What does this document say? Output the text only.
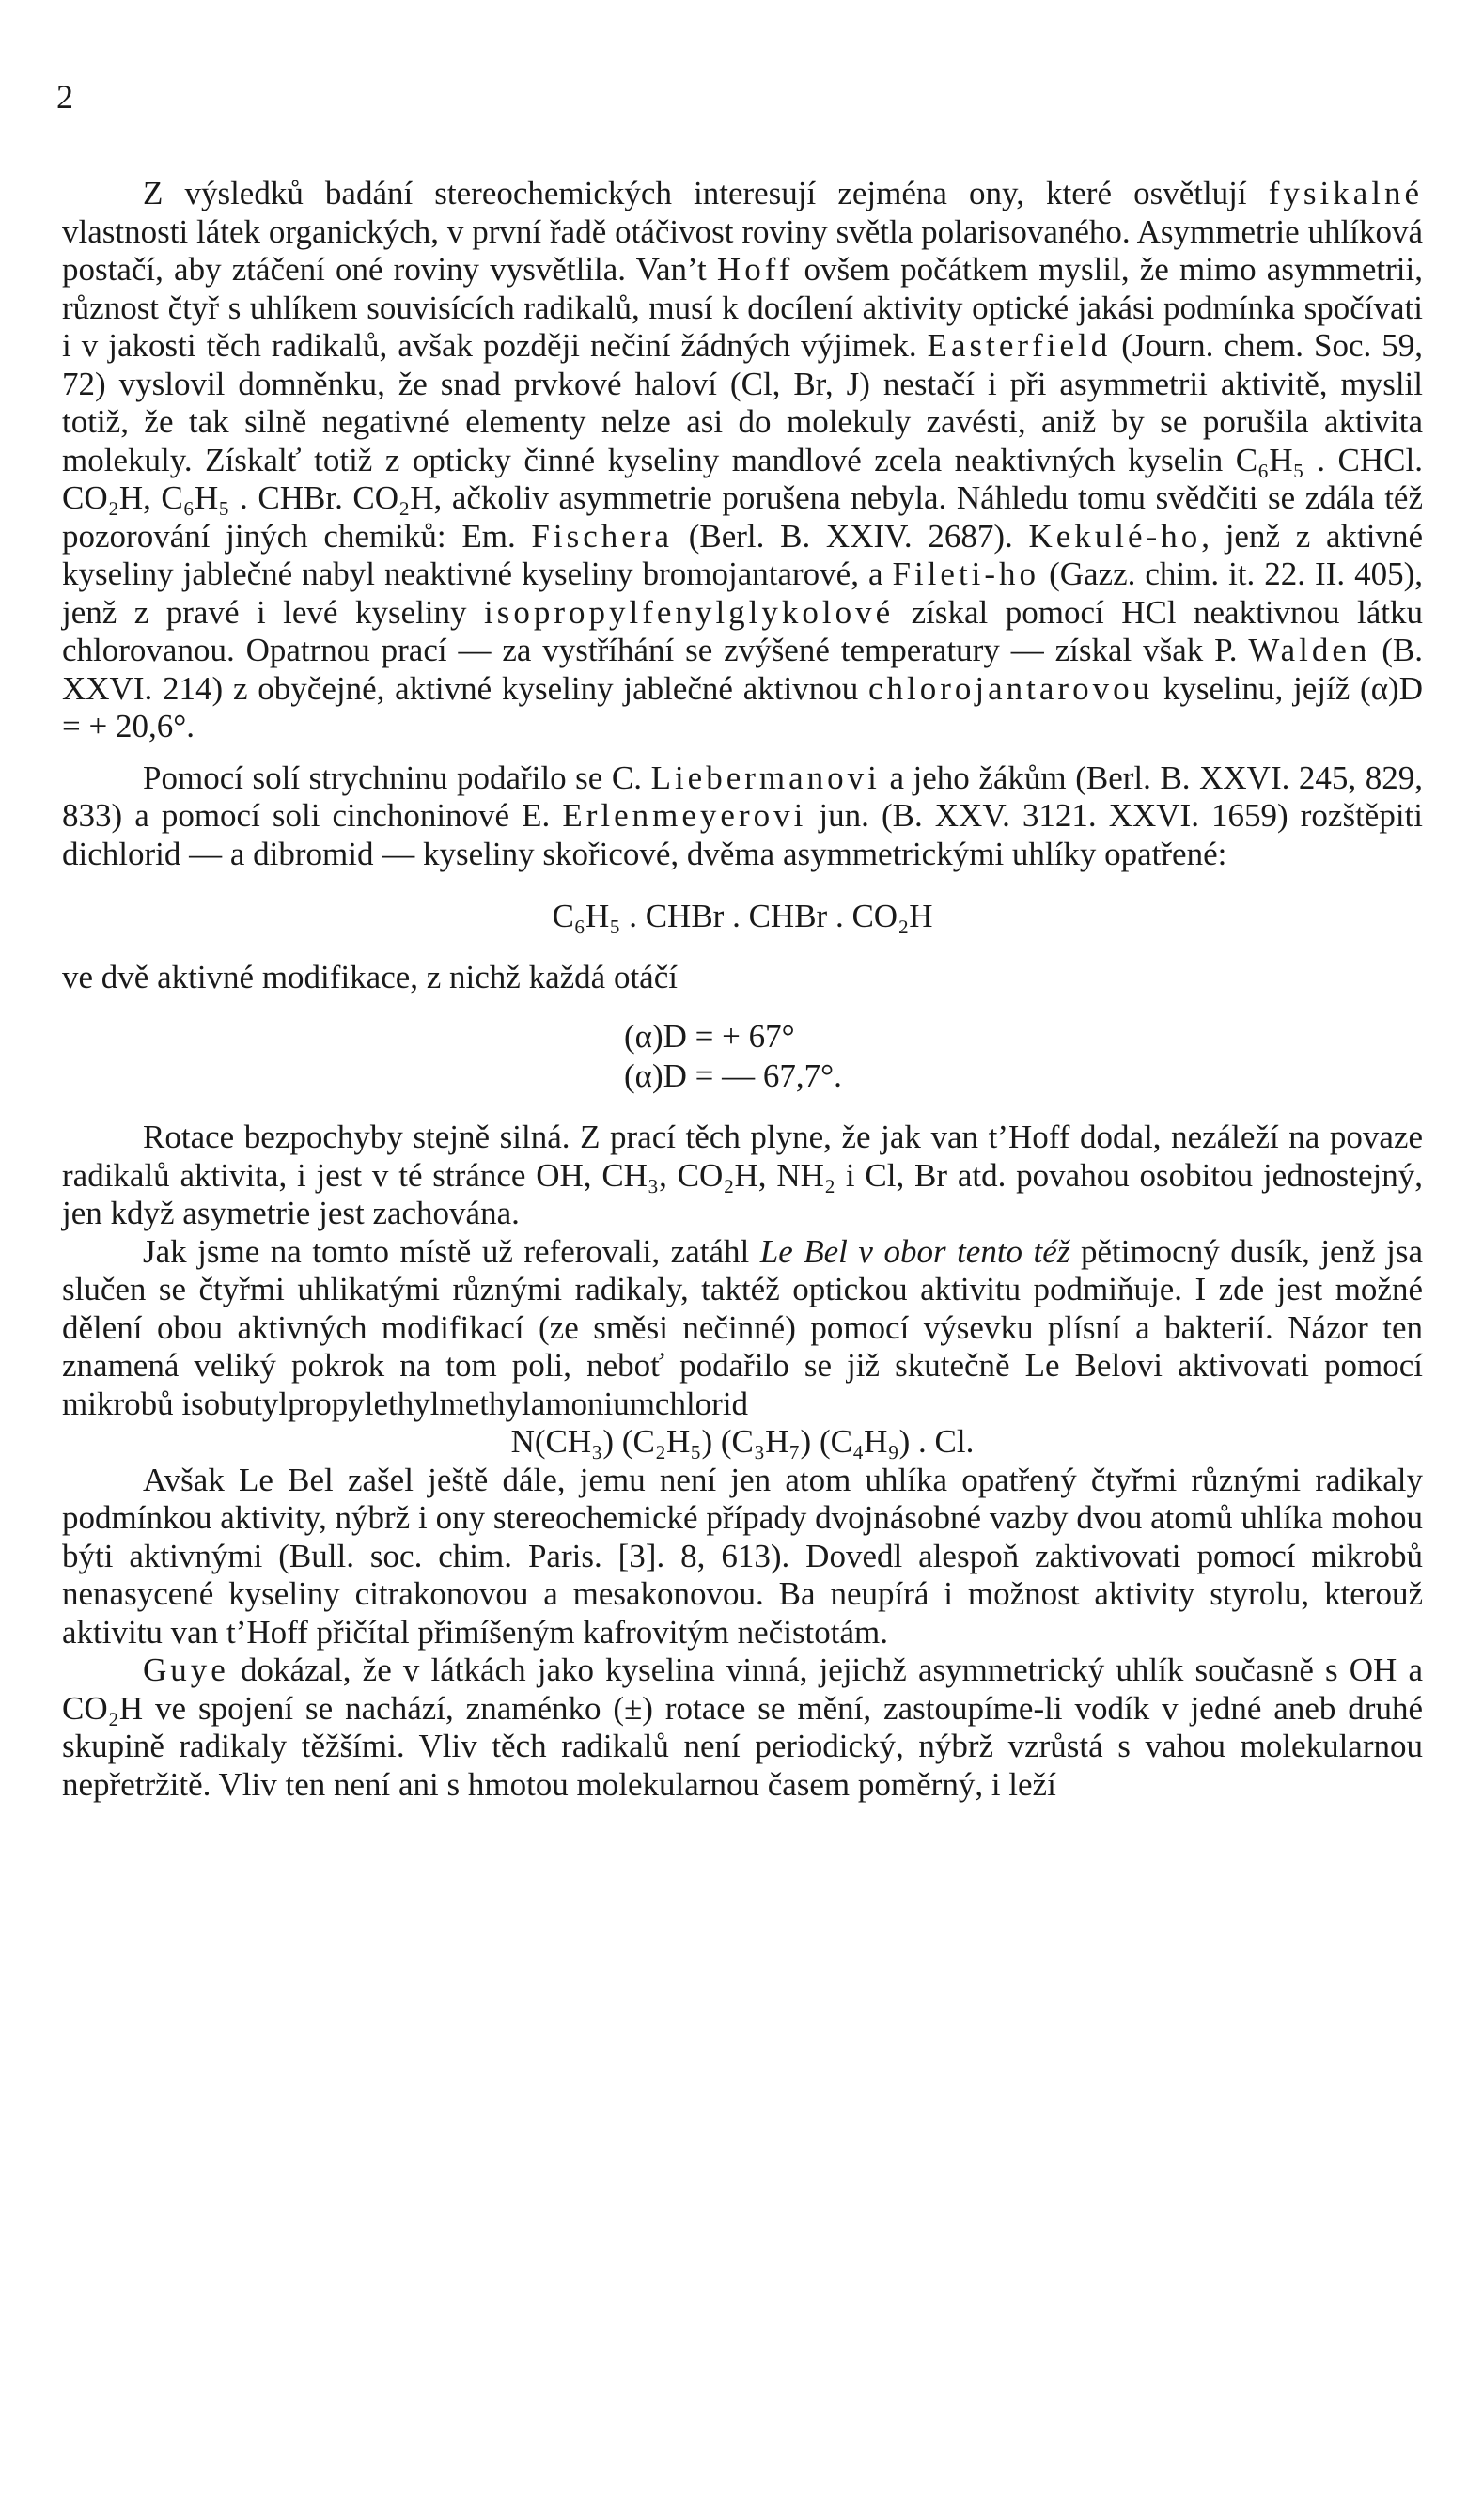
2

Z výsledků badání stereochemických interesují zejména ony, které osvětlují fysikalné vlastnosti látek organických, v první řadě otáčivost roviny světla polarisovaného. Asymmetrie uhlíková postačí, aby ztáčení oné roviny vysvětlila. Van’t Hoff ovšem počátkem myslil, že mimo asymmetrii, různost čtyř s uhlíkem souvisících radikalů, musí k docílení aktivity optické jakási podmínka spočívati i v jakosti těch radikalů, avšak později nečiní žádných výjimek. Easterfield (Journ. chem. Soc. 59, 72) vyslovil domněnku, že snad prvkové haloví (Cl, Br, J) nestačí i při asymmetrii aktivitě, myslil totiž, že tak silně negativné elementy nelze asi do molekuly zavésti, aniž by se porušila aktivita molekuly. Získalť totiž z opticky činné kyseliny mandlové zcela neaktivných kyselin C₆H₅ . CHCl. CO₂H, C₆H₅ . CHBr. CO₂H, ačkoliv asymmetrie porušena nebyla. Náhledu tomu svědčiti se zdála též pozorování jiných chemiků: Em. Fischera (Berl. B. XXIV. 2687). Kekulé-ho, jenž z aktivné kyseliny jablečné nabyl neaktivné kyseliny bromojantarové, a Fileti-ho (Gazz. chim. it. 22. II. 405), jenž z pravé i levé kyseliny isopropylfenylglykolové získal pomocí HCl neaktivnou látku chlorovanou. Opatrnou prací — za vystříhání se zvýšené temperatury — získal však P. Walden (B. XXVI. 214) z obyčejné, aktivné kyseliny jablečné aktivnou chlorojantarovou kyselinu, jejíž (α)D = + 20,6°.

Pomocí solí strychninu podařilo se C. Liebermanovi a jeho žákům (Berl. B. XXVI. 245, 829, 833) a pomocí soli cinchoninové E. Erlenmeyerovi jun. (B. XXV. 3121. XXVI. 1659) rozštěpiti dichlorid — a dibromid — kyseliny skořicové, dvěma asymmetrickými uhlíky opatřené:

C₆H₅ . CHBr . CHBr . CO₂H

ve dvě aktivné modifikace, z nichž každá otáčí

(α)D = + 67°
(α)D = — 67,7°.

Rotace bezpochyby stejně silná. Z prací těch plyne, že jak van t’Hoff dodal, nezáleží na povaze radikalů aktivita, i jest v té stránce OH, CH₃, CO₂H, NH₂ i Cl, Br atd. povahou osobitou jednostejný, jen když asymetrie jest zachována.

Jak jsme na tomto místě už referovali, zatáhl Le Bel v obor tento též pětimocný dusík, jenž jsa slučen se čtyřmi uhlikatými různými radikaly, taktéž optickou aktivitu podmiňuje. I zde jest možné dělení obou aktivných modifikací (ze směsi nečinné) pomocí výsevku plísní a bakterií. Názor ten znamená veliký pokrok na tom poli, neboť podařilo se již skutečně Le Belovi aktivovati pomocí mikrobů isobutylpropylethylmethylamoniumchlorid

N(CH₃) (C₂H₅) (C₃H₇) (C₄H₉) . Cl.

Avšak Le Bel zašel ještě dále, jemu není jen atom uhlíka opatřený čtyřmi různými radikaly podmínkou aktivity, nýbrž i ony stereochemické případy dvojnásobné vazby dvou atomů uhlíka mohou býti aktivnými (Bull. soc. chim. Paris. [3]. 8, 613). Dovedl alespoň zaktivovati pomocí mikrobů nenasycené kyseliny citrakonovou a mesakonovou. Ba neupírá i možnost aktivity styrolu, kterouž aktivitu van t’Hoff přičítal přimíšeným kafrovitým nečistotám.

Guye dokázal, že v látkách jako kyselina vinná, jejichž asymmetrický uhlík současně s OH a CO₂H ve spojení se nachází, znaménko (±) rotace se mění, zastoupíme-li vodík v jedné aneb druhé skupině radikaly těžšími. Vliv těch radikalů není periodický, nýbrž vzrůstá s vahou molekularnou nepřetržitě. Vliv ten není ani s hmotou molekularnou časem poměrný, i leží
